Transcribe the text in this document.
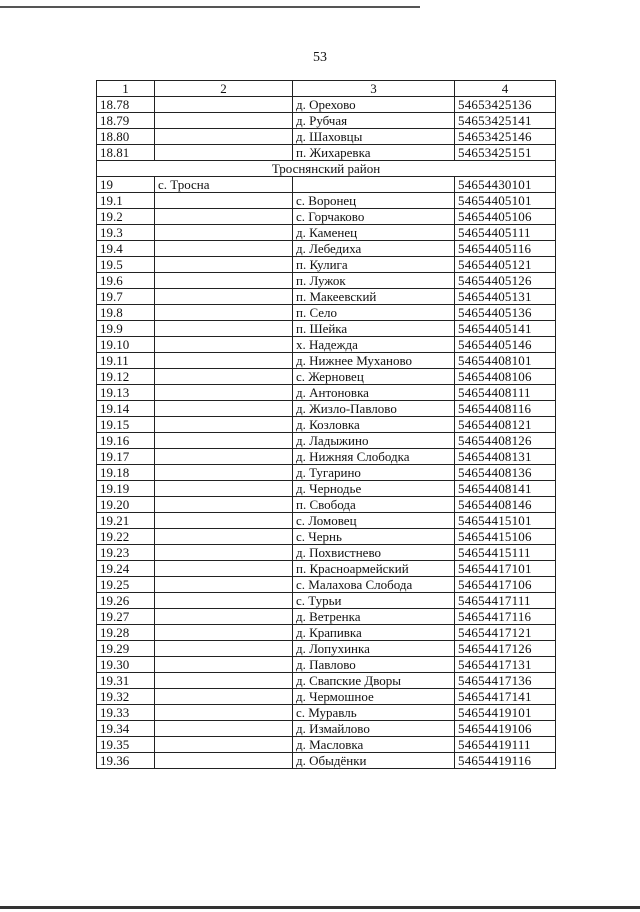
53
1	2	3	4
18.78		д. Орехово	54653425136
18.79		д. Рубчая	54653425141
18.80		д. Шаховцы	54653425146
18.81		п. Жихаревка	54653425151
Троснянский район			
19	с. Тросна		54654430101
19.1		с. Воронец	54654405101
19.2		с. Горчаково	54654405106
19.3		д. Каменец	54654405111
19.4		д. Лебедиха	54654405116
19.5		п. Кулига	54654405121
19.6		п. Лужок	54654405126
19.7		п. Макеевский	54654405131
19.8		п. Село	54654405136
19.9		п. Шейка	54654405141
19.10		х. Надежда	54654405146
19.11		д. Нижнее Муханово	54654408101
19.12		с. Жерновец	54654408106
19.13		д. Антоновка	54654408111
19.14		д. Жизло-Павлово	54654408116
19.15		д. Козловка	54654408121
19.16		д. Ладыжино	54654408126
19.17		д. Нижняя Слободка	54654408131
19.18		д. Тугарино	54654408136
19.19		д. Чернодье	54654408141
19.20		п. Свобода	54654408146
19.21		с. Ломовец	54654415101
19.22		с. Чернь	54654415106
19.23		д. Похвистнево	54654415111
19.24		п. Красноармейский	54654417101
19.25		с. Малахова Слобода	54654417106
19.26		с. Турьи	54654417111
19.27		д. Ветренка	54654417116
19.28		д. Крапивка	54654417121
19.29		д. Лопухинка	54654417126
19.30		д. Павлово	54654417131
19.31		д. Свапские Дворы	54654417136
19.32		д. Чермошное	54654417141
19.33		с. Муравль	54654419101
19.34		д. Измайлово	54654419106
19.35		д. Масловка	54654419111
19.36		д. Обыдёнки	54654419116
